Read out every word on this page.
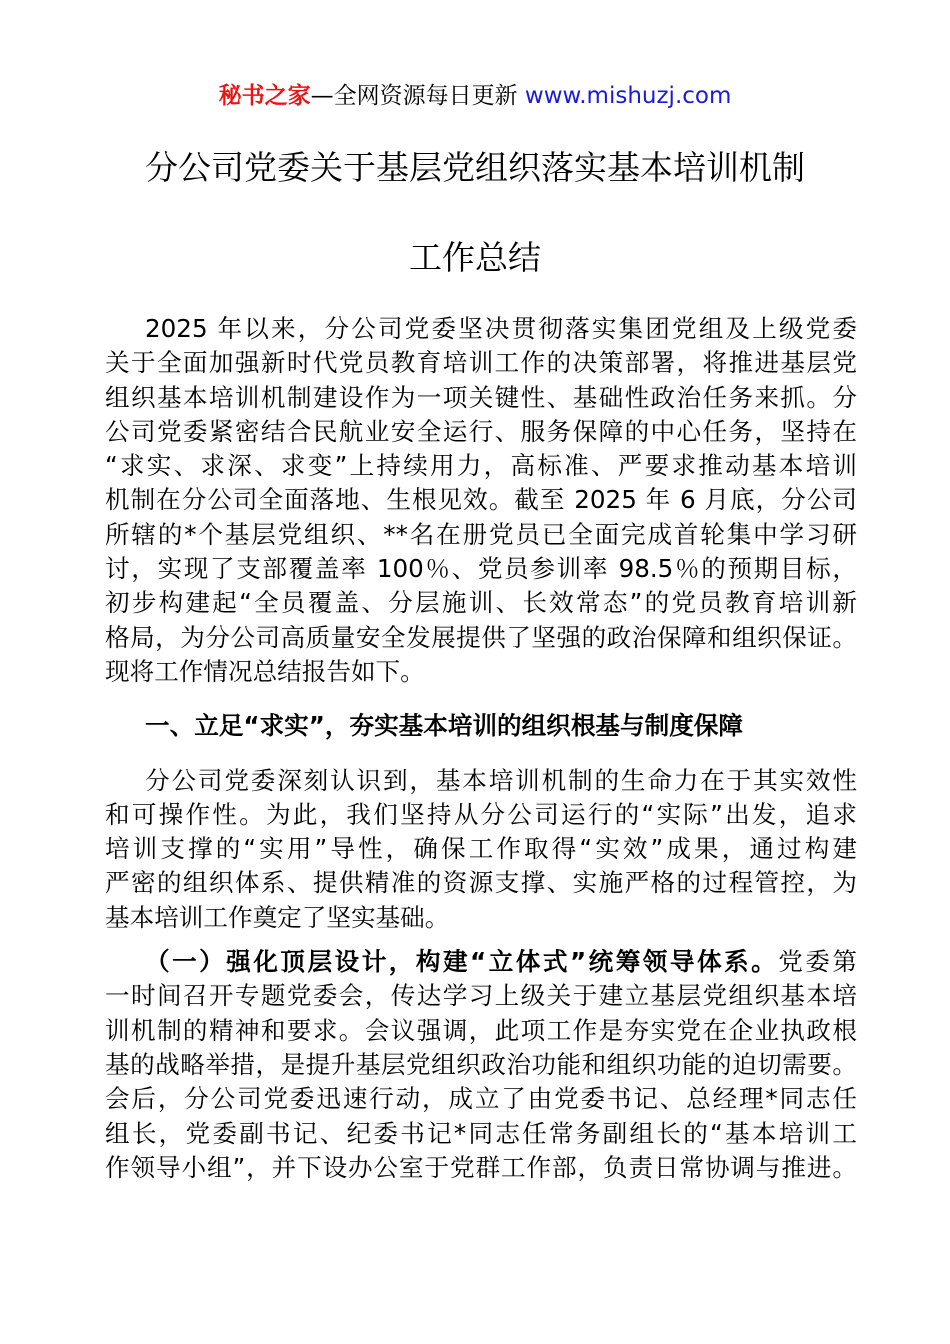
秘书之家—全网资源每日更新 www.mishuzj.com
分公司党委关于基层党组织落实基本培训机制
工作总结

2025 年以来，分公司党委坚决贯彻落实集团党组及上级党委
关于全面加强新时代党员教育培训工作的决策部署，将推进基层党
组织基本培训机制建设作为一项关键性、基础性政治任务来抓。分
公司党委紧密结合民航业安全运行、服务保障的中心任务，坚持在
“求实、求深、求变”上持续用力，高标准、严要求推动基本培训
机制在分公司全面落地、生根见效。截至 2025 年 6 月底，分公司
所辖的*个基层党组织、**名在册党员已全面完成首轮集中学习研
讨，实现了支部覆盖率 100％、党员参训率 98.5％的预期目标，
初步构建起“全员覆盖、分层施训、长效常态”的党员教育培训新
格局，为分公司高质量安全发展提供了坚强的政治保障和组织保证。
现将工作情况总结报告如下。

一、立足“求实”，夯实基本培训的组织根基与制度保障

分公司党委深刻认识到，基本培训机制的生命力在于其实效性
和可操作性。为此，我们坚持从分公司运行的“实际”出发，追求
培训支撑的“实用”导性，确保工作取得“实效”成果，通过构建
严密的组织体系、提供精准的资源支撑、实施严格的过程管控，为
基本培训工作奠定了坚实基础。

（一）强化顶层设计，构建“立体式”统筹领导体系。党委第
一时间召开专题党委会，传达学习上级关于建立基层党组织基本培
训机制的精神和要求。会议强调，此项工作是夯实党在企业执政根
基的战略举措，是提升基层党组织政治功能和组织功能的迫切需要。
会后，分公司党委迅速行动，成立了由党委书记、总经理*同志任
组长，党委副书记、纪委书记*同志任常务副组长的“基本培训工
作领导小组”，并下设办公室于党群工作部，负责日常协调与推进。
